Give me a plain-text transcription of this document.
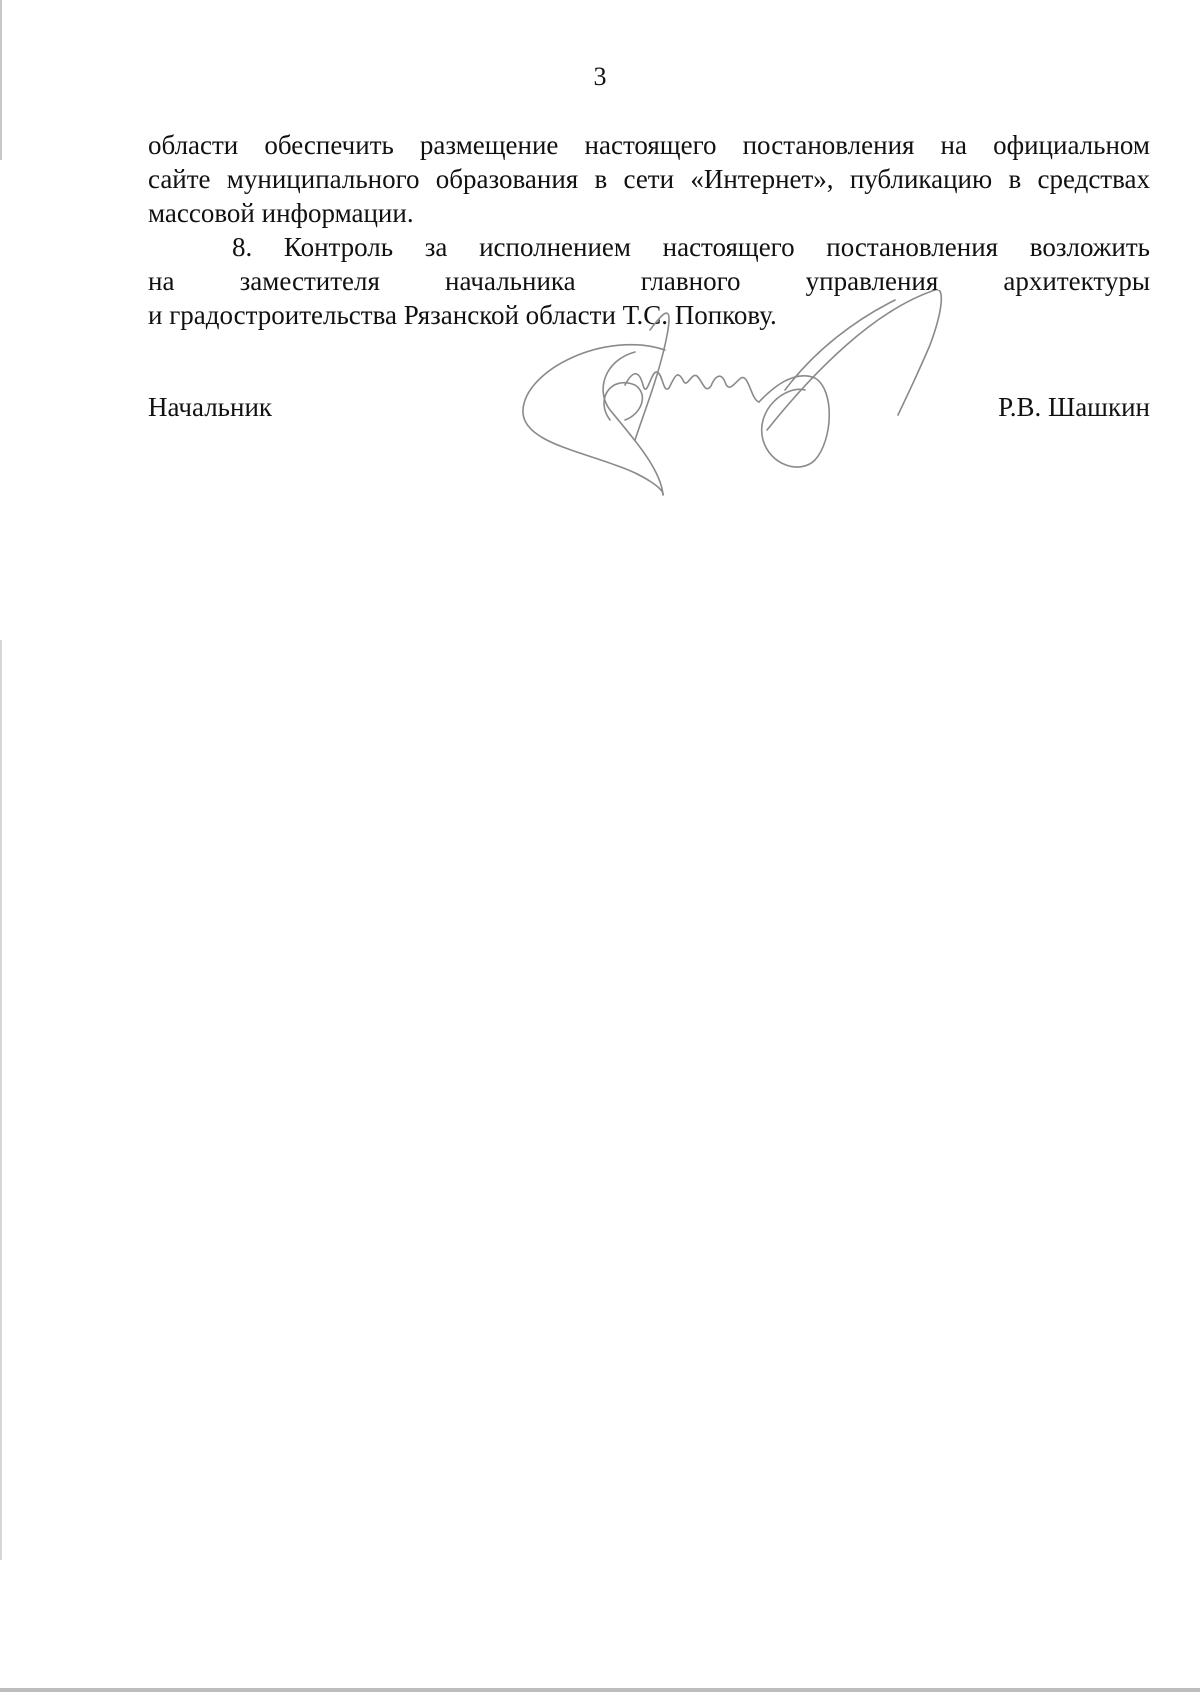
3
области обеспечить размещение настоящего постановления на официальном
сайте муниципального образования в сети «Интернет», публикацию в средствах
массовой информации.
8. Контроль за исполнением настоящего постановления возложить
на заместителя начальника главного управления архитектуры
и градостроительства Рязанской области Т.С. Попкову.
Начальник	Р.В. Шашкин
